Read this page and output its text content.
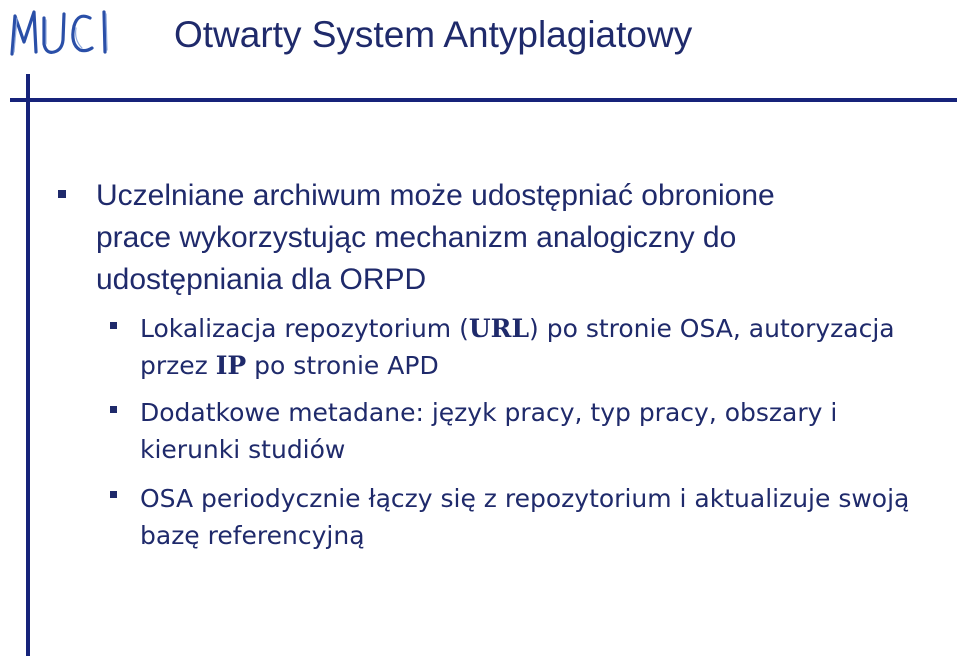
Otwarty System Antyplagiatowy
Uczelniane archiwum może udostępniać obronione prace wykorzystując mechanizm analogiczny do udostępniania dla ORPD
Lokalizacja repozytorium (URL) po stronie OSA, autoryzacja przez IP po stronie APD
Dodatkowe metadane: język pracy, typ pracy, obszary i kierunki studiów
OSA periodycznie łączy się z repozytorium i aktualizuje swoją bazę referencyjną
